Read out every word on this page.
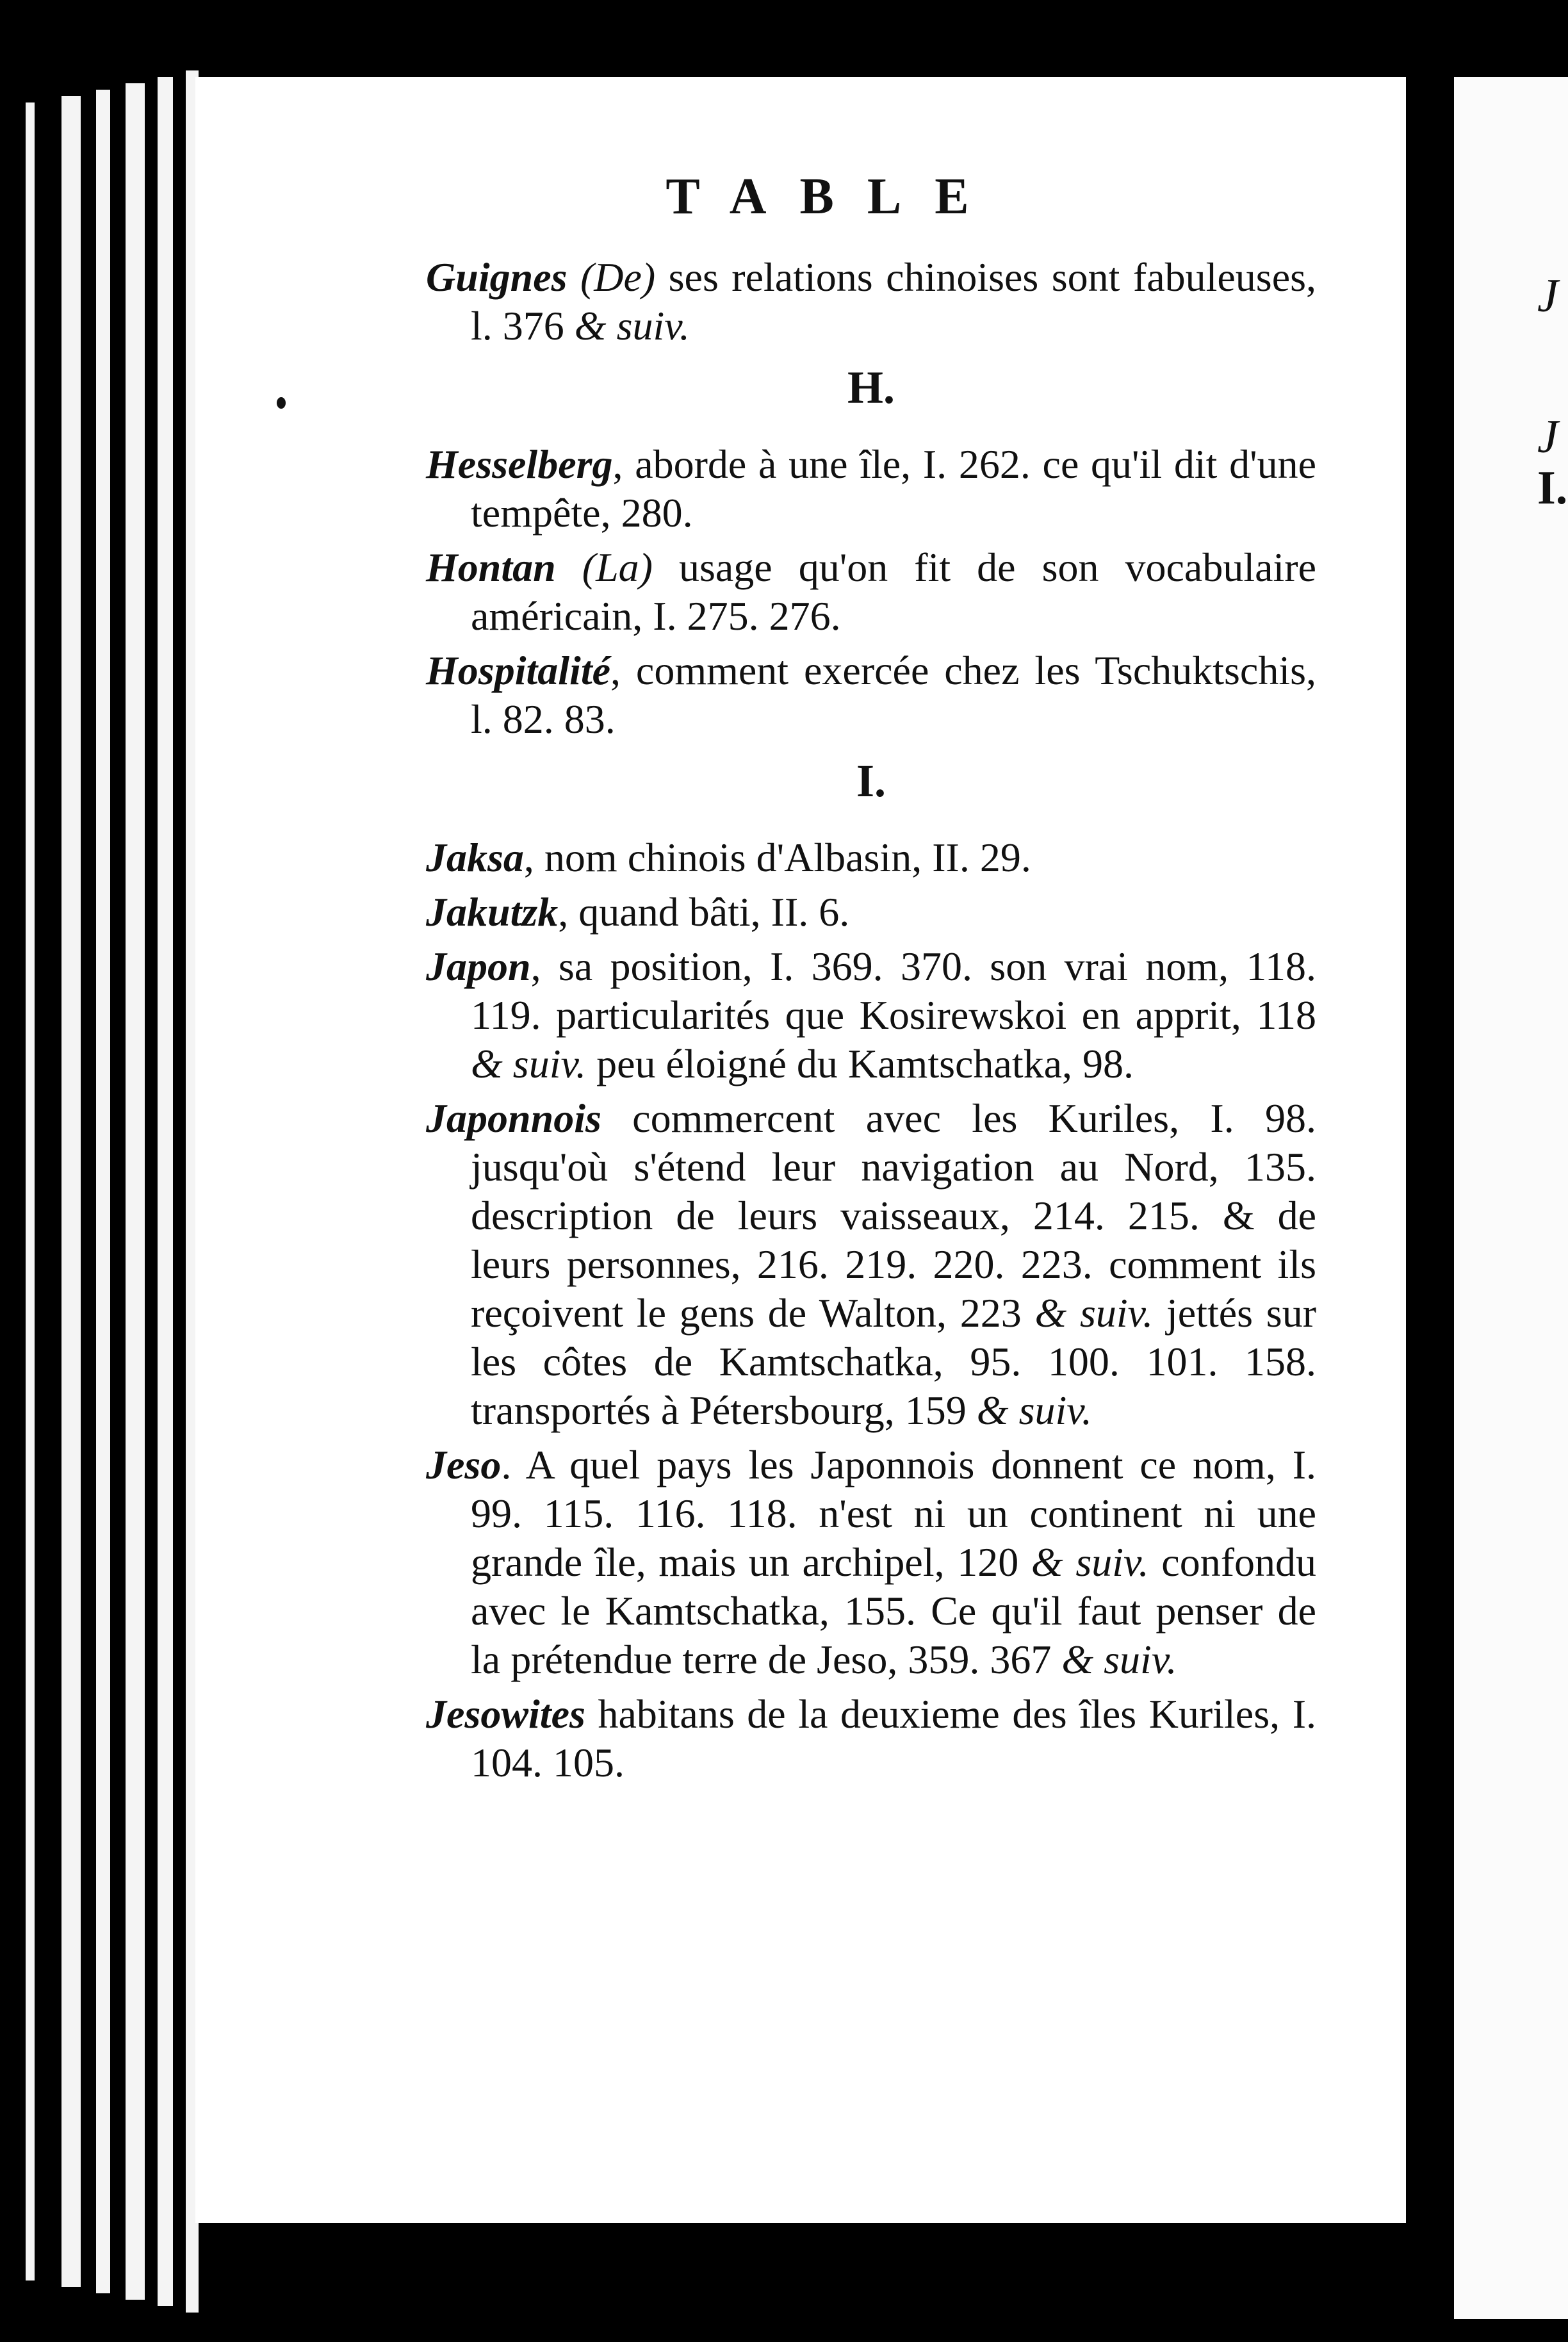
J
J
I.
TABLE

Guignes (De) ses relations chinoises sont fabuleuses, l. 376 & suiv.

H.

Hesselberg, aborde à une île, I. 262. ce qu'il dit d'une tempête, 280.

Hontan (La) usage qu'on fit de son vocabulaire américain, I. 275. 276.

Hospitalité, comment exercée chez les Tschuktschis, l. 82. 83.

I.

Jaksa, nom chinois d'Albasin, II. 29.

Jakutzk, quand bâti, II. 6.

Japon, sa position, I. 369. 370. son vrai nom, 118. 119. particularités que Kosirewskoi en apprit, 118 & suiv. peu éloigné du Kamtschatka, 98.

Japonnois commercent avec les Kuriles, I. 98. jusqu'où s'étend leur navigation au Nord, 135. description de leurs vaisseaux, 214. 215. & de leurs personnes, 216. 219. 220. 223. comment ils reçoivent le gens de Walton, 223 & suiv. jettés sur les côtes de Kamtschatka, 95. 100. 101. 158. transportés à Pétersbourg, 159 & suiv.

Jeso. A quel pays les Japonnois donnent ce nom, I. 99. 115. 116. 118. n'est ni un continent ni une grande île, mais un archipel, 120 & suiv. confondu avec le Kamtschatka, 155. Ce qu'il faut penser de la prétendue terre de Jeso, 359. 367 & suiv.

Jesowites habitans de la deuxieme des îles Kuriles, I. 104. 105.
